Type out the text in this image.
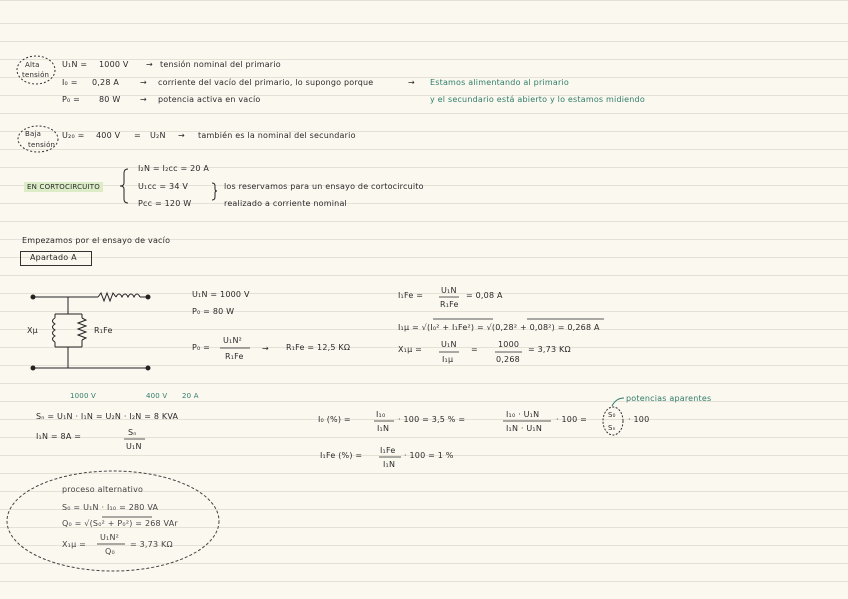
Alta
tensión
U₁N = 1000 V → tensión nominal del primario
I₀ = 0,28 A	→ corriente del vacío del primario, lo supongo porque	→ Estamos alimentando al primario
P₀ = 80 W → potencia activa en vacío	y el secundario está abierto y lo estamos midiendo
Baja
tensión
U₂₀ = 400 V = U₂N → también es la nominal del secundario
EN CORTOCIRCUITO
I₂N = I₂cc = 20 A
U₁cc = 34 V
Pcc = 120 W
los reservamos para un ensayo de cortocircuito
realizado a corriente nominal
Empezamos por el ensayo de vacío
Apartado A
Xμ	R₁Fe
U₁N = 1000 V
P₀ = 80 W
P₀ =
U₁N²
R₁Fe
→ R₁Fe = 12,5 KΩ
I₁Fe =
U₁N
R₁Fe
= 0,08 A
I₁μ = √(I₀² + I₁Fe²) = √(0,28² + 0,08²) = 0,268 A
X₁μ =
U₁N
I₁μ
=
1000
0,268
= 3,73 KΩ
1000 V	400 V 20 A
Sₙ = U₁N · I₁N = U₂N · I₂N = 8 KVA
I₁N = 8A =	Sₙ
U₁N
I₀ (%) =
I₁₀
I₁N
· 100 = 3,5 % =
I₁₀ · U₁N
I₁N · U₁N
· 100 =	S₀
Sₙ
· 100
potencias aparentes
I₁Fe (%) =
I₁Fe
I₁N
· 100 = 1 %
proceso alternativo
S₀ = U₁N · I₁₀ = 280 VA
Q₀ = √(S₀² + P₀²) = 268 VAr
X₁μ =
U₁N²
Q₀
= 3,73 KΩ
